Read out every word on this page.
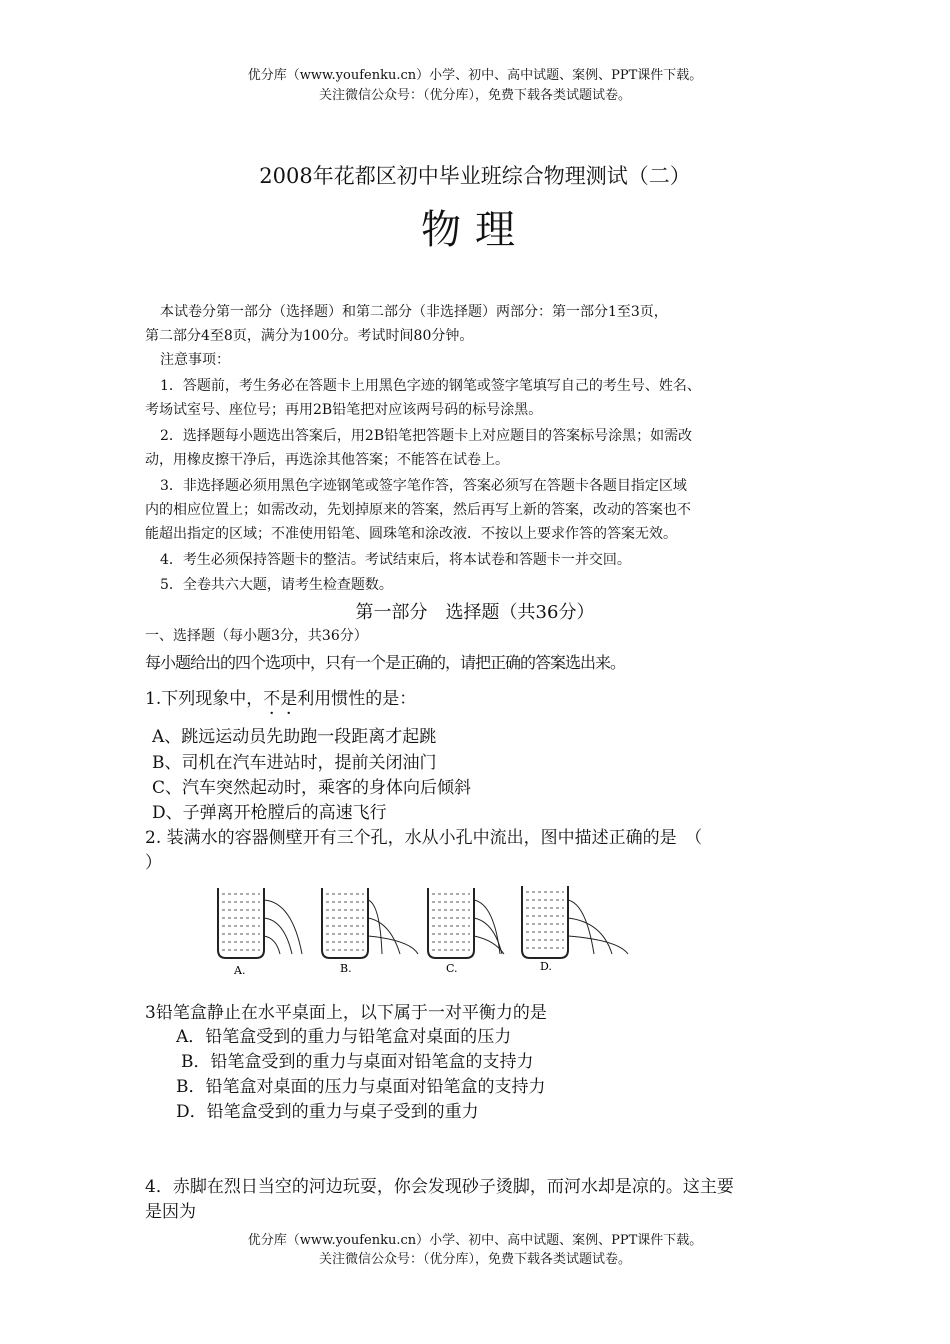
优分库（www.youfenku.cn）小学、初中、高中试题、案例、PPT课件下载。
关注微信公众号：（优分库），免费下载各类试题试卷。
2008年花都区初中毕业班综合物理测试（二）
物理
本试卷分第一部分（选择题）和第二部分（非选择题）两部分：第一部分1至3页，
第二部分4至8页，满分为100分。考试时间80分钟。
注意事项：
1．答题前，考生务必在答题卡上用黑色字迹的钢笔或签字笔填写自己的考生号、姓名、
考场试室号、座位号；再用2B铅笔把对应该两号码的标号涂黑。
2．选择题每小题选出答案后，用2B铅笔把答题卡上对应题目的答案标号涂黑；如需改
动，用橡皮擦干净后，再选涂其他答案；不能答在试卷上。
3．非选择题必须用黑色字迹钢笔或签字笔作答，答案必须写在答题卡各题目指定区域
内的相应位置上；如需改动，先划掉原来的答案，然后再写上新的答案，改动的答案也不
能超出指定的区域；不准使用铅笔、圆珠笔和涂改液．不按以上要求作答的答案无效。
4．考生必须保持答题卡的整洁。考试结束后，将本试卷和答题卡一并交回。
5．全卷共六大题，请考生检查题数。
第一部分　选择题（共36分）
一、选择题（每小题3分，共36分）
每小题给出的四个选项中，只有一个是正确的，请把正确的答案选出来。
1.下列现象中，不是利用惯性的是：
A、跳远运动员先助跑一段距离才起跳
B、司机在汽车进站时，提前关闭油门
C、汽车突然起动时，乘客的身体向后倾斜
D、子弹离开枪膛后的高速飞行
2. 装满水的容器侧壁开有三个孔，水从小孔中流出，图中描述正确的是　（
）
A.	B.	C.	D.
3铅笔盒静止在水平桌面上，以下属于一对平衡力的是
A．铅笔盒受到的重力与铅笔盒对桌面的压力
B．铅笔盒受到的重力与桌面对铅笔盒的支持力
B．铅笔盒对桌面的压力与桌面对铅笔盒的支持力
D．铅笔盒受到的重力与桌子受到的重力
4．赤脚在烈日当空的河边玩耍，你会发现砂子烫脚，而河水却是凉的。这主要
是因为
优分库（www.youfenku.cn）小学、初中、高中试题、案例、PPT课件下载。
关注微信公众号：（优分库），免费下载各类试题试卷。
